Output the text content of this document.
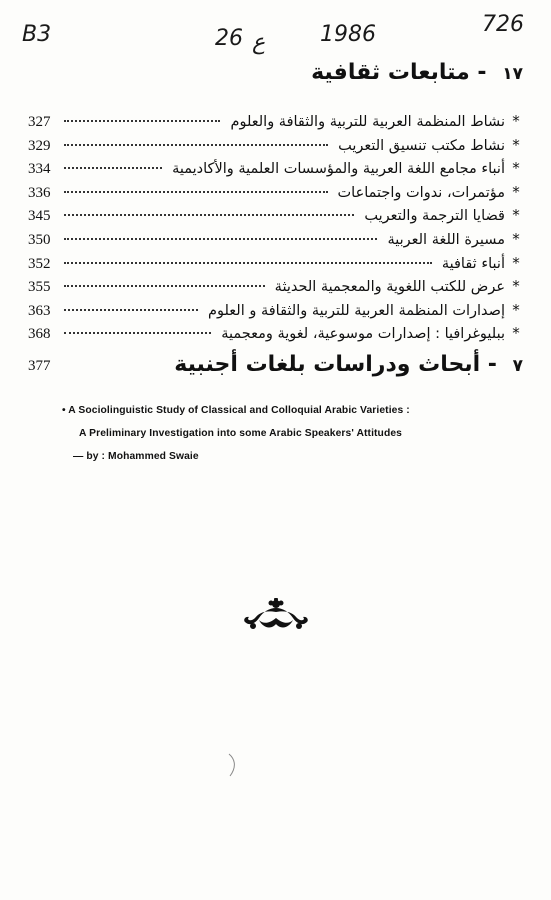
B3	26 ع 1986	726
١٧ - متابعات ثقافية
*
نشاط المنظمة العربية للتربية والثقافة والعلوم
327
*
نشاط مكتب تنسيق التعريب
329
*
أنباء مجامع اللغة العربية والمؤسسات العلمية والأكاديمية
334
*
مؤتمرات، ندوات واجتماعات
336
*
قضايا الترجمة والتعريب
345
*
مسيرة اللغة العربية
350
*
أنباء ثقافية
352
*
عرض للكتب اللغوية والمعجمية الحديثة
355
*
إصدارات المنظمة العربية للتربية والثقافة و العلوم
363
*
ببليوغرافيا : إصدارات موسوعية، لغوية ومعجمية
368
٧ - أبحاث ودراسات بلغات أجنبية
377
• A Sociolinguistic Study of Classical and Colloquial Arabic Varieties :
A Preliminary Investigation into some Arabic Speakers' Attitudes
— by : Mohammed Swaie
